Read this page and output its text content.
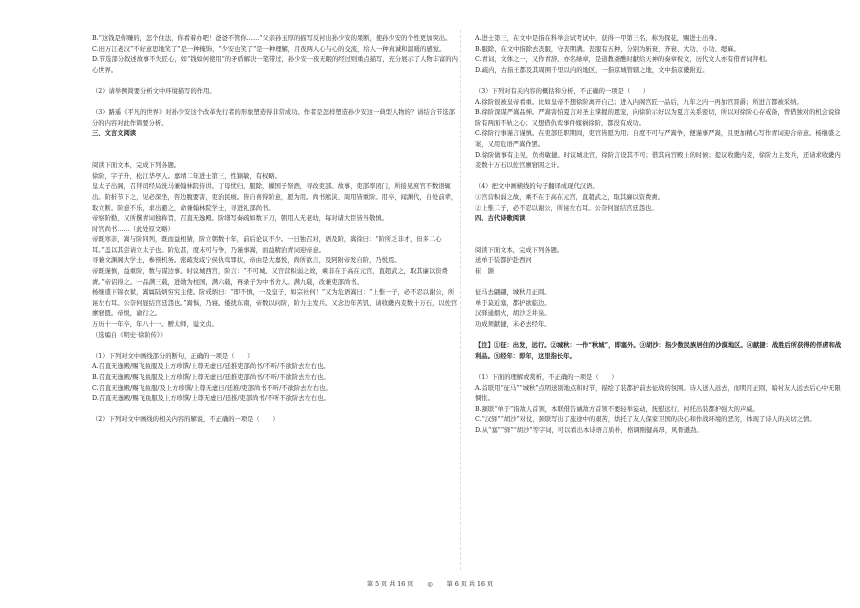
B.“这钱是你赚的，怎个住法，你看着办吧！爸爸不管你……”父亲孙玉厚的描写反衬出孙少安的果断，使孙少安的个性更加突出。

C.田万江老汉“不好意思地笑了”是一种掩饰，“少安也笑了”是一种理解，月夜两人心与心的交流，给人一种真诚和温暖的感觉。

D.节选部分叙述故事不失匠心，如“钱如何使用”的矛盾解决一笔带过，孙少安一夜无眠的经过则重点描写，充分展示了人物丰富的内心世界。

（2）请举例简要分析文中环境描写的作用。

（3）路遥《平凡的世界》对孙少安这个改革先行者的形象塑造得非常成功。作者是怎样塑造孙少安这一典型人物的？请结合节选部分的内容对此作简要分析。

三、文言文阅读

阅读下面文本，完成下列各题。

徐阶，字子升，松江华亭人。嘉靖二年进士第三，性颖敏，有权略。

皇太子出阁，召拜司经局洗马兼翰林院侍讲。丁母忧归，服除，擢国子祭酒，寻改吏部。故事，吏部率闭门，所接见庶官不数语辄出。阶折节下之，见必深坐，咨边腹要害，吏治民瘼。皆自喜得阶意，愿为用。尚书熊浃、周用皆重阶。用卒，闻渊代，自处前辈，取立断。阶意不乐，求出避之，命兼翰林院学士，寻进礼部尚书。

帝察阶勤，又所撰青词独称旨，召直无逸殿。阶缮写奏疏如数下刀，朝用人无老幼，每对诸大臣皆当敬慎。

时官尚书……（此处原文略）

帝既寒亲，嵩与阶同列，既而益相猜，阶立朝数十年，前后论议不少。一日独召对，语及阶，嵩徐曰：“阶所乏非才，但多二心耳。”盖以其尝请立太子也。阶危甚，度未可与争，乃谨事嵩，而益精治青词迎帝意。

寻兼文渊阁大学士，参预机务。密疏发咸宁侯仇鸾罪状，帝由是大嘉悦，尚所欲言，及阿附帝发自阶，乃悦焉。

帝既谨慎，益重阶，数与谋边事。时议城西宫，阶言：“不可城。又宫营积弱之故，乘非在于高在元宫，直超武之，取其廉以资费赉。”帝诏得之。一品满三载，进勋为柱国，满六载，再录子为中书舍人。满九载，改兼吏部尚书。

杨继盛下锦衣狱，嵩属陆炳穷究主使。阶戒炳曰：“即不慎，一及皇子，如宗社何！”又为危语嵩曰：“上惟一子，必不忍以谢公，所诬左右耳。公奈何显结宫廷怨也。”嵩惧，乃寝。倭扰东南，帝数以问阶，阶力主发兵。又念边年苦饥，请收畿内麦数十万石，以佐官廪窘匮。帝悦，谕行之。

万历十一年卒，年八十一。赠太师，谥文贞。

（选编自《明史·徐阶传》）

（1）下列对文中画线部分的断句，正确的一项是（　　）

A.召直无逸殿/赐飞鱼服及上方珍馔/上尊无虚日/廷推吏部尚书/不听/不欲阶去左右也。

B.召直无逸殿/赐飞鱼服及上方珍馔/上尊无虚日/廷推吏部尚书/不听/不欲阶去左右也。

C.召直无逸殿/赐飞鱼服/及上方珍馔/上尊无虚日/廷推/吏部尚书不听/不欲阶去左右也。

D.召直无逸殿/赐飞鱼服及上方珍馔/上尊无虚日/廷推/吏部尚书/不听不欲阶去左右也。

（2）下列对文中画线的相关内容的解说，不正确的一项是（　　）

A.进士第三，在文中是指在科举会试考试中，获得一甲第三名，称为探花，赐进士出身。

B.服除，在文中指除去丧服，守丧期满。丧服有五种，分别为斩衰、齐衰、大功、小功、缌麻。

C.青词，文体之一，又作青辞，亦名绿章，是道教斋醮时献给天神的奏章祝文，历代文人亦有借青词拜相。

D.疏内，古指王都及其周围千里以内的地区，一指京城管辖之地，文中指京畿附近。

（3）下列对有关内容的概括和分析，不正确的一项是（　　）

A.徐阶很被皇帝看重。比如皇帝不想徐阶离开自己；进入内阁宫匠一品后，九年之内一再加官晋爵；所进言都被采纳。

B.徐阶深谋严嵩品惮。严嵩害怕夏言对圣主掌握的恩宠，向徐阶示好以为夏言关系密切，所以对徐阶心存戒备，曾借独对的机会说徐阶有两面不轨之心；又想借仇鸾事件嫁祸徐阶，都没有成功。

C.徐阶行事谨言谨慎。在吏部任职期间，吏官皆愿为用；自度不可与严嵩争，便谨事严嵩，且更加精心写作青词迎合帝意。杨继盛之案，又用危语严嵩作罢。

D.徐阶做事有主见，负责敏捷。时议城北宫，徐阶言设其不可；借其向宫殿上的时候；提议收畿内麦，徐阶力主发兵，还请求收畿内麦数十万石以佐官廪窘困之计。

（4）把文中画横线的句子翻译成现代汉语。

①宫营积弱之故，乘不在于高在元宫，直超武之，取其廉以资费赉。

②上惟二子，必不忍以谢公，所诬左右耳。公奈何显结宫廷怨也。

四、古代诗歌阅读

阅读下面文本，完成下列各题。

送单于装都护赴西河

崔　颢

征马去翩翩，城秋月正圆。

单于莫近塞，都护欲临边。

汉驿通烟火，胡沙乏井泉。

功成须献捷，未必去经年。

【注】①征：出发，远行。②城秋：一作“秋城”，即塞外。③胡沙：指少数民族居住的沙漠地区。④献捷：战胜后所获得的俘虏和战利品。⑤经年：即年，这里指长年。

（1）下面的理解或赏析，不正确的一项是（　　）

A.首联用“征马”“城秋”点明送别地点和时节，描绘了装都护前去征战的氛围。诗人送人远去，而明月正圆，暗衬友人远去后心中无限惆怅。

B.颔联“单于”指敌人首领，本联借告诫敌方首领不要轻举妄动，抚慰远行，衬托出装都护强大的声威。

C.“汉驿”“胡沙”对仗，颈联写出了旅途中的艰苦，烘托了友人保家卫国的决心和作战环境的恶劣，体现了诗人的关切之情。

D.从“塞”“驿”“胡沙”等字词，可以看出本诗语言质朴，格调刚健高昂，风骨遒劲。

第 5 页 共 16 页 ◎ 第 6 页 共 16 页
